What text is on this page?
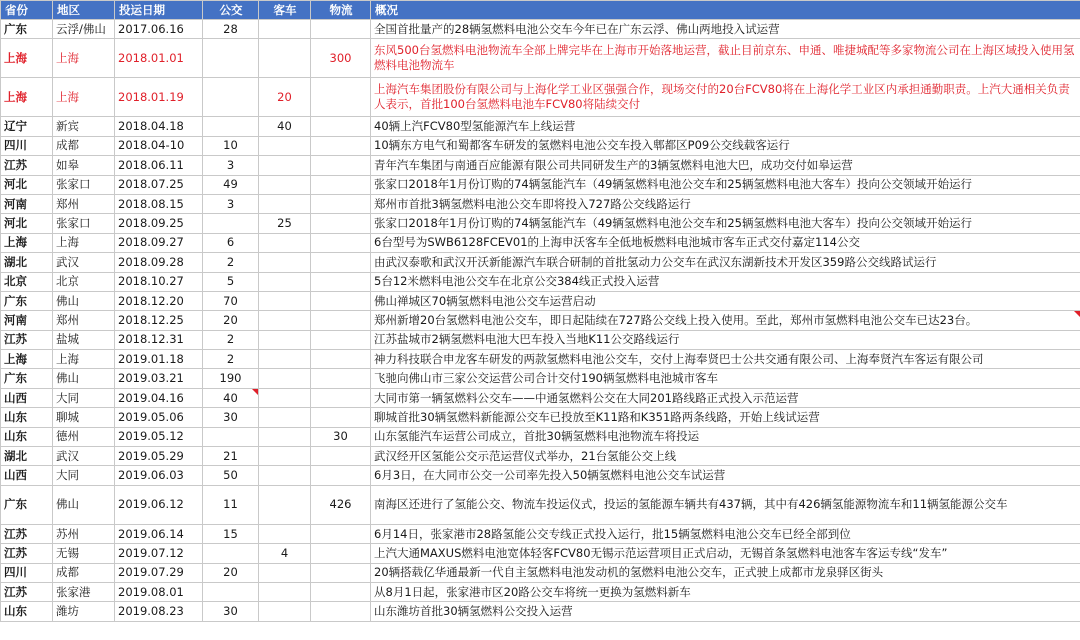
省份	地区	投运日期	公交	客车	物流	概况
广东	云浮/佛山	2017.06.16	28			全国首批量产的28辆氢燃料电池公交车今年已在广东云浮、佛山两地投入试运营
上海	上海	2018.01.01			300	东风500台氢燃料电池物流车全部上牌完毕在上海市开始落地运营，截止目前京东、申通、唯捷城配等多家物流公司在上海区域投入使用氢燃料电池物流车
上海	上海	2018.01.19		20		上海汽车集团股份有限公司与上海化学工业区强强合作，现场交付的20台FCV80将在上海化学工业区内承担通勤职责。上汽大通相关负责人表示，首批100台氢燃料电池车FCV80将陆续交付
辽宁	新宾	2018.04.18		40		40辆上汽FCV80型氢能源汽车上线运营
四川	成都	2018.04-10	10			10辆东方电气和蜀都客车研发的氢燃料电池公交车投入郫都区P09公交线载客运行
江苏	如皋	2018.06.11	3			青年汽车集团与南通百应能源有限公司共同研发生产的3辆氢燃料电池大巴，成功交付如皋运营
河北	张家口	2018.07.25	49			张家口2018年1月份订购的74辆氢能汽车（49辆氢燃料电池公交车和25辆氢燃料电池大客车）投向公交领域开始运行
河南	郑州	2018.08.15	3			郑州市首批3辆氢燃料电池公交车即将投入727路公交线路运行
河北	张家口	2018.09.25		25		张家口2018年1月份订购的74辆氢能汽车（49辆氢燃料电池公交车和25辆氢燃料电池大客车）投向公交领域开始运行
上海	上海	2018.09.27	6			6台型号为SWB6128FCEV01的上海申沃客车全低地板燃料电池城市客车正式交付嘉定114公交
湖北	武汉	2018.09.28	2			由武汉泰歌和武汉开沃新能源汽车联合研制的首批氢动力公交车在武汉东湖新技术开发区359路公交线路试运行
北京	北京	2018.10.27	5			5台12米燃料电池公交车在北京公交384线正式投入运营
广东	佛山	2018.12.20	70			佛山禅城区70辆氢燃料电池公交车运营启动
河南	郑州	2018.12.25	20			郑州新增20台氢燃料电池公交车，即日起陆续在727路公交线上投入使用。至此，郑州市氢燃料电池公交车已达23台。
江苏	盐城	2018.12.31	2			江苏盐城市2辆氢燃料电池大巴车投入当地K11公交路线运行
上海	上海	2019.01.18	2			神力科技联合申龙客车研发的两款氢燃料电池公交车，交付上海奉贤巴士公共交通有限公司、上海奉贤汽车客运有限公司
广东	佛山	2019.03.21	190			飞驰向佛山市三家公交运营公司合计交付190辆氢燃料电池城市客车
山西	大同	2019.04.16	40			大同市第一辆氢燃料公交车——中通氢燃料公交在大同201路线路正式投入示范运营
山东	聊城	2019.05.06	30			聊城首批30辆氢燃料新能源公交车已投放至K11路和K351路两条线路，开始上线试运营
山东	德州	2019.05.12			30	山东氢能汽车运营公司成立，首批30辆氢燃料电池物流车将投运
湖北	武汉	2019.05.29	21			武汉经开区氢能公交示范运营仪式举办，21台氢能公交上线
山西	大同	2019.06.03	50			6月3日，在大同市公交一公司率先投入50辆氢燃料电池公交车试运营
广东	佛山	2019.06.12	11		426	南海区还进行了氢能公交、物流车投运仪式，投运的氢能源车辆共有437辆，其中有426辆氢能源物流车和11辆氢能源公交车
江苏	苏州	2019.06.14	15			6月14日，张家港市28路氢能公交专线正式投入运行，批15辆氢燃料电池公交车已经全部到位
江苏	无锡	2019.07.12		4		上汽大通MAXUS燃料电池宽体轻客FCV80无锡示范运营项目正式启动，无锡首条氢燃料电池客车客运专线“发车”
四川	成都	2019.07.29	20			20辆搭载亿华通最新一代自主氢燃料电池发动机的氢燃料电池公交车，正式驶上成都市龙泉驿区街头
江苏	张家港	2019.08.01				从8月1日起，张家港市区20路公交车将统一更换为氢燃料新车
山东	潍坊	2019.08.23	30			山东潍坊首批30辆氢燃料公交投入运营
